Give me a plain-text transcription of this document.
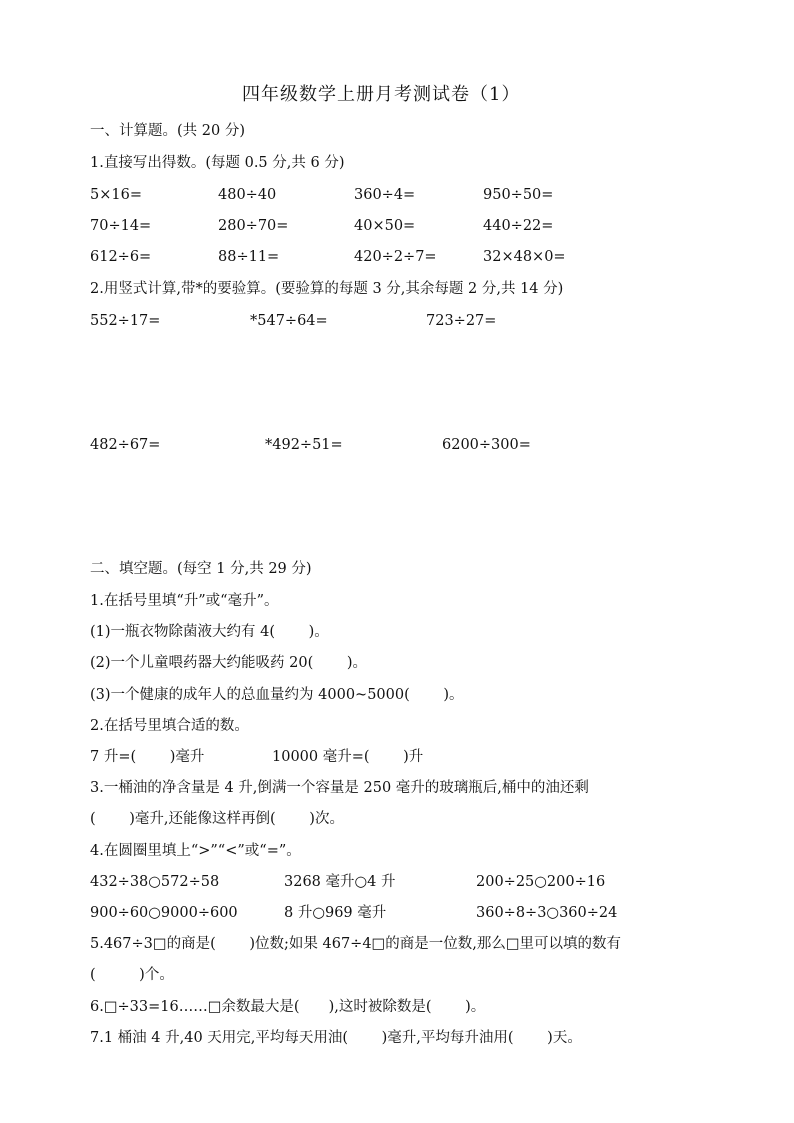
四年级数学上册月考测试卷（1）
一、计算题。(共 20 分)
1.直接写出得数。(每题 0.5 分,共 6 分)
5×16=	480÷40	360÷4=	950÷50=
70÷14=	280÷70=	40×50=	440÷22=
612÷6=	88÷11=	420÷2÷7=	32×48×0=
2.用竖式计算,带*的要验算。(要验算的每题 3 分,其余每题 2 分,共 14 分)
552÷17=	*547÷64=	723÷27=
482÷67=	*492÷51=	6200÷300=
二、填空题。(每空 1 分,共 29 分)
1.在括号里填“升”或“毫升”。
(1)一瓶衣物除菌液大约有 4(　　 )。
(2)一个儿童喂药器大约能吸药 20(　　 )。
(3)一个健康的成年人的总血量约为 4000~5000(　　 )。
2.在括号里填合适的数。
7 升=(　　 )毫升	10000 毫升=(　　 )升
3.一桶油的净含量是 4 升,倒满一个容量是 250 毫升的玻璃瓶后,桶中的油还剩
(　　 )毫升,还能像这样再倒(　　 )次。
4.在圆圈里填上“>”“<”或“=”。
432÷38○572÷58	3268 毫升○4 升	200÷25○200÷16
900÷60○9000÷600	8 升○969 毫升	360÷8÷3○360÷24
5.467÷3□的商是(　　 )位数;如果 467÷4□的商是一位数,那么□里可以填的数有
(　　　)个。
6.□÷33=16……□余数最大是(　　),这时被除数是(　　 )。
7.1 桶油 4 升,40 天用完,平均每天用油(　　 )毫升,平均每升油用(　　 )天。
